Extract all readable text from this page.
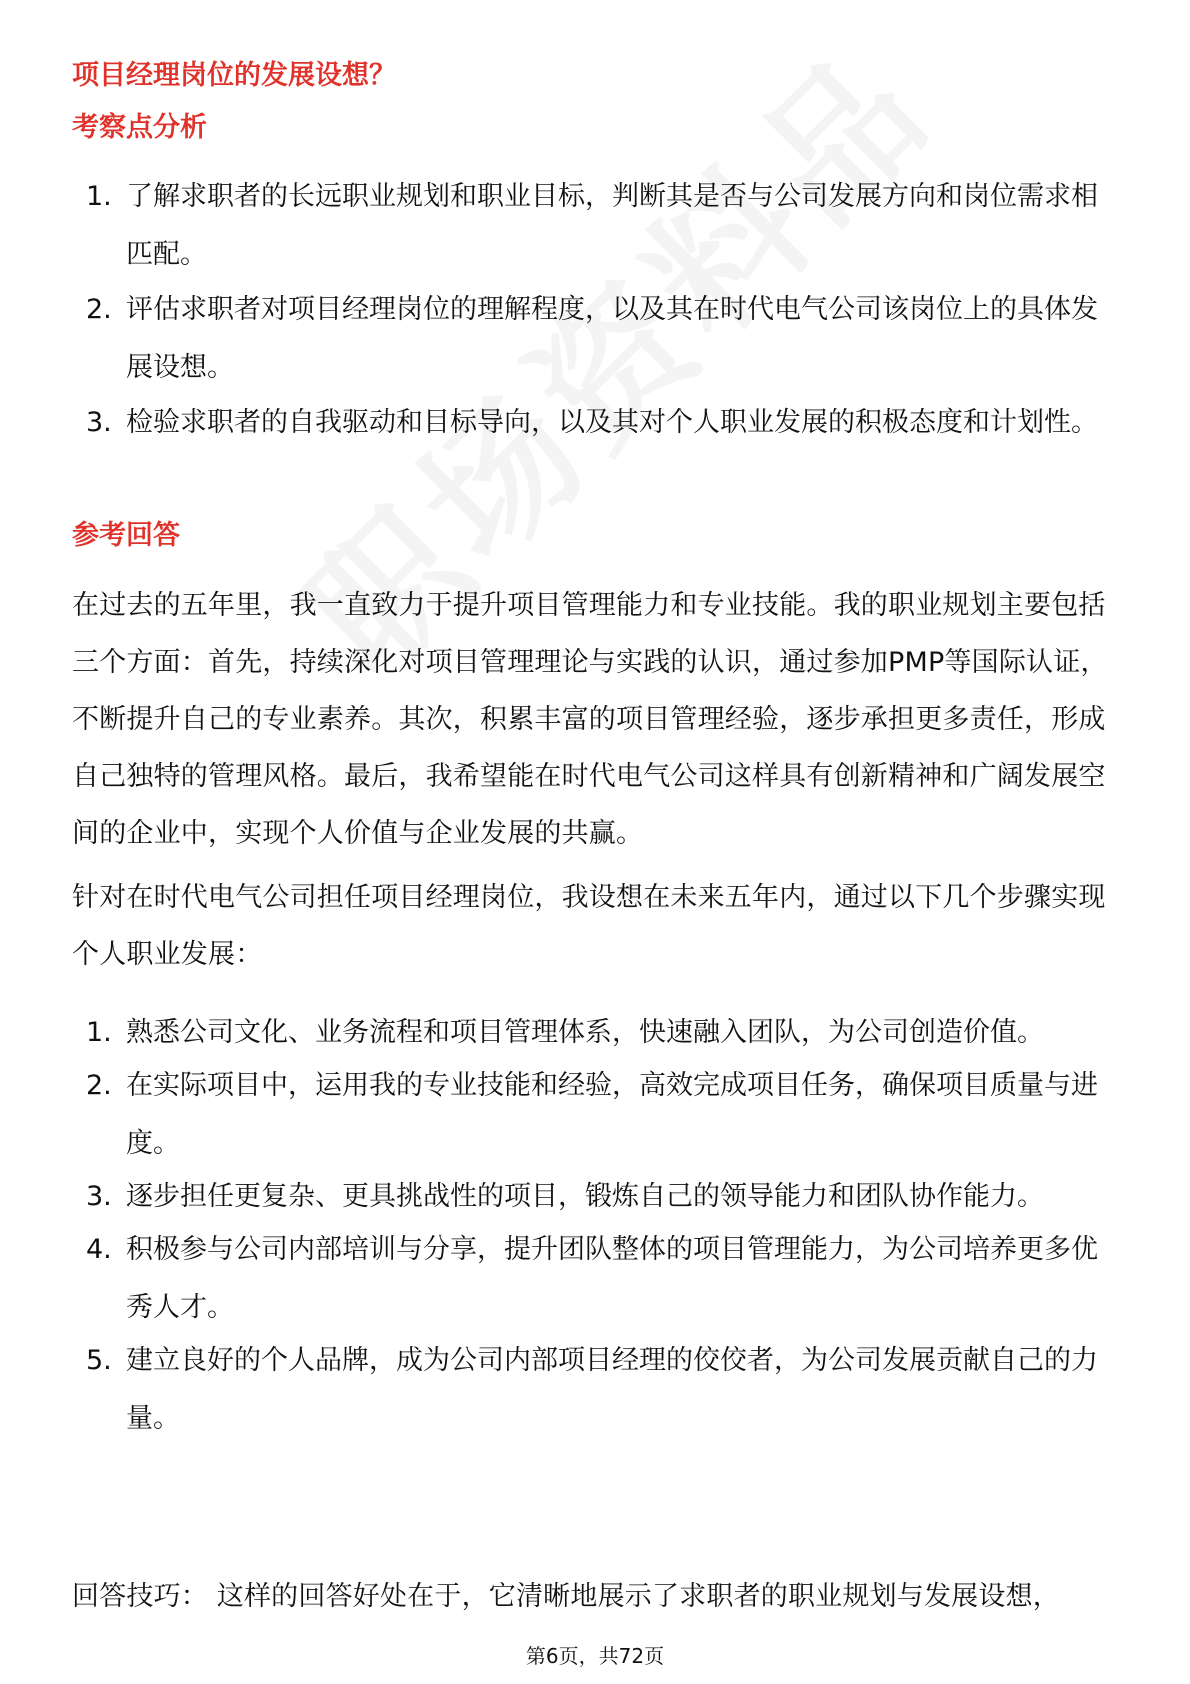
项目经理岗位的发展设想？
考察点分析
1. 了解求职者的长远职业规划和职业目标，判断其是否与公司发展方向和岗位需求相匹配。
2. 评估求职者对项目经理岗位的理解程度，以及其在时代电气公司该岗位上的具体发展设想。
3. 检验求职者的自我驱动和目标导向，以及其对个人职业发展的积极态度和计划性。
参考回答

在过去的五年里，我一直致力于提升项目管理能力和专业技能。我的职业规划主要包括三个方面：首先，持续深化对项目管理理论与实践的认识，通过参加PMP等国际认证，不断提升自己的专业素养。其次，积累丰富的项目管理经验，逐步承担更多责任，形成自己独特的管理风格。最后，我希望能在时代电气公司这样具有创新精神和广阔发展空间的企业中，实现个人价值与企业发展的共赢。

针对在时代电气公司担任项目经理岗位，我设想在未来五年内，通过以下几个步骤实现个人职业发展：

1. 熟悉公司文化、业务流程和项目管理体系，快速融入团队，为公司创造价值。
2. 在实际项目中，运用我的专业技能和经验，高效完成项目任务，确保项目质量与进度。
3. 逐步担任更复杂、更具挑战性的项目，锻炼自己的领导能力和团队协作能力。
4. 积极参与公司内部培训与分享，提升团队整体的项目管理能力，为公司培养更多优秀人才。
5. 建立良好的个人品牌，成为公司内部项目经理的佼佼者，为公司发展贡献自己的力量。

回答技巧： 这样的回答好处在于，它清晰地展示了求职者的职业规划与发展设想，

第6页，共72页
